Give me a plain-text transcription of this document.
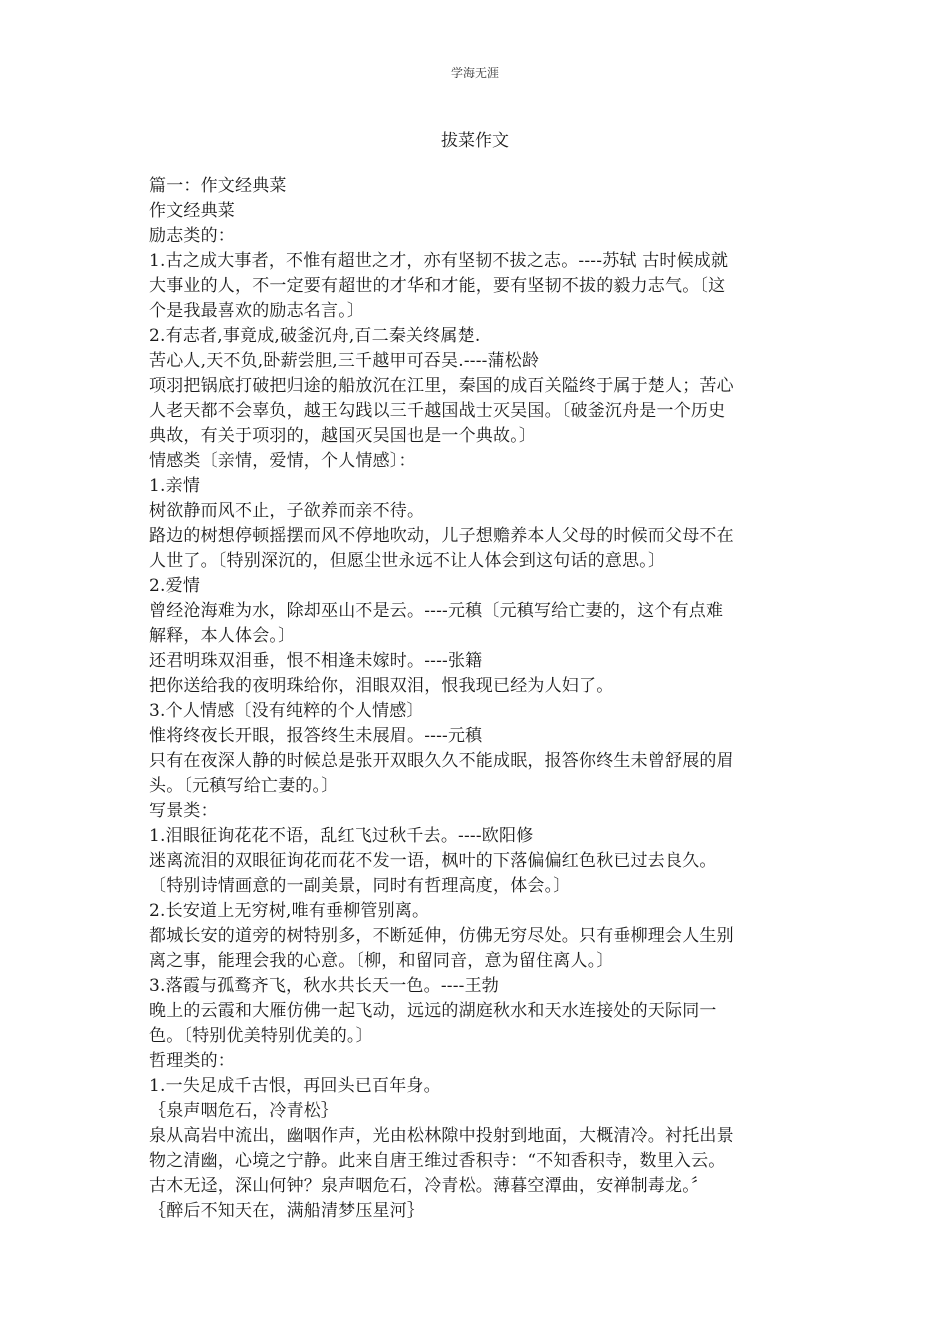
学海无涯
拔菜作文
篇一：作文经典菜
作文经典菜
励志类的：
1.古之成大事者，不惟有超世之才，亦有坚韧不拔之志。----苏轼 古时候成就
大事业的人，不一定要有超世的才华和才能，要有坚韧不拔的毅力志气。〔这
个是我最喜欢的励志名言。〕
2.有志者,事竟成,破釜沉舟,百二秦关终属楚.
苦心人,天不负,卧薪尝胆,三千越甲可吞吴.----蒲松龄
项羽把锅底打破把归途的船放沉在江里，秦国的成百关隘终于属于楚人；苦心
人老天都不会辜负，越王勾践以三千越国战士灭吴国。〔破釜沉舟是一个历史
典故，有关于项羽的，越国灭吴国也是一个典故。〕
情感类〔亲情，爱情，个人情感〕：
1.亲情
树欲静而风不止，子欲养而亲不待。
路边的树想停顿摇摆而风不停地吹动，儿子想赡养本人父母的时候而父母不在
人世了。〔特别深沉的，但愿尘世永远不让人体会到这句话的意思。〕
2.爱情
曾经沧海难为水，除却巫山不是云。----元稹〔元稹写给亡妻的，这个有点难
解释，本人体会。〕
还君明珠双泪垂，恨不相逢未嫁时。----张籍
把你送给我的夜明珠给你，泪眼双泪，恨我现已经为人妇了。
3.个人情感〔没有纯粹的个人情感〕
惟将终夜长开眼，报答终生未展眉。----元稹
只有在夜深人静的时候总是张开双眼久久不能成眠，报答你终生未曾舒展的眉
头。〔元稹写给亡妻的。〕
写景类：
1.泪眼征询花花不语，乱红飞过秋千去。----欧阳修
迷离流泪的双眼征询花而花不发一语，枫叶的下落偏偏红色秋已过去良久。
〔特别诗情画意的一副美景，同时有哲理高度，体会。〕
2.长安道上无穷树,唯有垂柳管别离。
都城长安的道旁的树特别多，不断延伸，仿佛无穷尽处。只有垂柳理会人生别
离之事，能理会我的心意。〔柳，和留同音，意为留住离人。〕
3.落霞与孤鹜齐飞，秋水共长天一色。----王勃
晚上的云霞和大雁仿佛一起飞动，远远的湖庭秋水和天水连接处的天际同一
色。〔特别优美特别优美的。〕
哲理类的：
1.一失足成千古恨，再回头已百年身。
｛泉声咽危石，冷青松｝
泉从高岩中流出，幽咽作声，光由松林隙中投射到地面，大概清冷。衬托出景
物之清幽，心境之宁静。此来自唐王维过香积寺：“不知香积寺，数里入云。
古木无迳，深山何钟？泉声咽危石，冷青松。薄暮空潭曲，安禅制毒龙。〞
｛醉后不知天在，满船清梦压星河｝
